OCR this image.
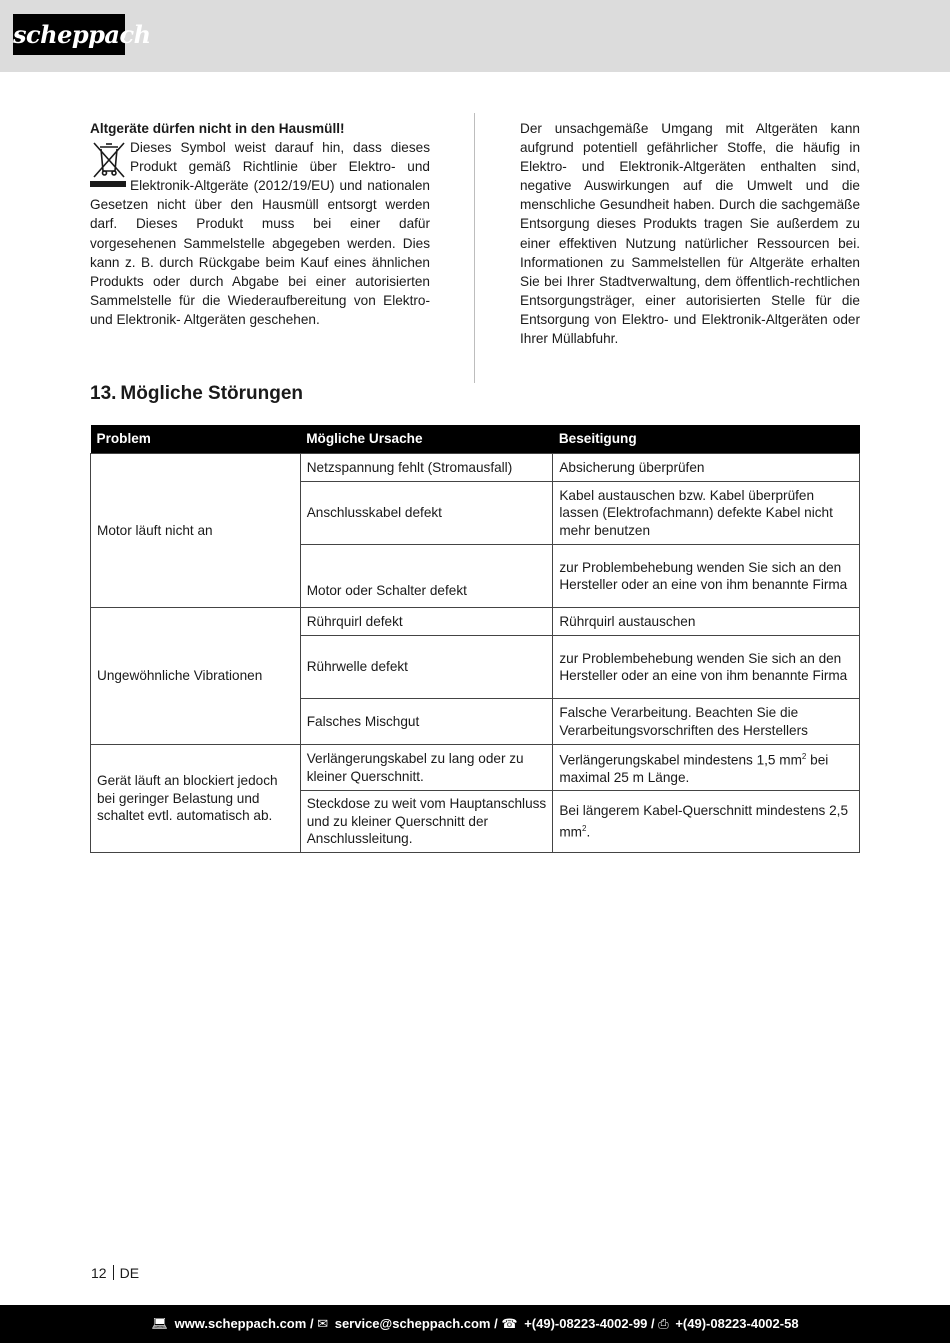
scheppach
Altgeräte dürfen nicht in den Hausmüll!
Dieses Symbol weist darauf hin, dass dieses Produkt gemäß Richtlinie über Elektro- und Elektronik-Altgeräte (2012/19/EU) und nationalen Gesetzen nicht über den Hausmüll entsorgt werden darf. Dieses Produkt muss bei einer dafür vorgesehenen Sammelstelle abgegeben werden. Dies kann z. B. durch Rückgabe beim Kauf eines ähnlichen Produkts oder durch Abgabe bei einer autorisierten Sammelstelle für die Wiederaufbereitung von Elektro- und Elektronik- Altgeräten geschehen.
Der unsachgemäße Umgang mit Altgeräten kann aufgrund potentiell gefährlicher Stoffe, die häufig in Elektro- und Elektronik-Altgeräten enthalten sind, negative Auswirkungen auf die Umwelt und die menschliche Gesundheit haben. Durch die sachgemäße Entsorgung dieses Produkts tragen Sie außerdem zu einer effektiven Nutzung natürlicher Ressourcen bei. Informationen zu Sammelstellen für Altgeräte erhalten Sie bei Ihrer Stadtverwaltung, dem öffentlich-rechtlichen Entsorgungsträger, einer autorisierten Stelle für die Entsorgung von Elektro- und Elektronik-Altgeräten oder Ihrer Müllabfuhr.
13. Mögliche Störungen
Problem	Mögliche Ursache	Beseitigung
Motor läuft nicht an	Netzspannung fehlt (Stromausfall)	Absicherung überprüfen
	Anschlusskabel defekt	Kabel austauschen bzw. Kabel überprüfen lassen (Elektrofachmann) defekte Kabel nicht mehr benutzen
	Motor oder Schalter defekt	zur Problembehebung wenden Sie sich an den Hersteller oder an eine von ihm benannte Firma
Ungewöhnliche Vibrationen	Rührquirl defekt	Rührquirl austauschen
	Rührwelle defekt	zur Problembehebung wenden Sie sich an den Hersteller oder an eine von ihm benannte Firma
	Falsches Mischgut	Falsche Verarbeitung. Beachten Sie die Verarbeitungsvorschriften des Herstellers
Gerät läuft an blockiert jedoch bei geringer Belastung und schaltet evtl. automatisch ab.	Verlängerungskabel zu lang oder zu kleiner Querschnitt.	Verlängerungskabel mindestens 1,5 $mm^2$ bei maximal 25 m Länge.
	Steckdose zu weit vom Hauptanschluss und zu kleiner Querschnitt der Anschlussleitung.	Bei längerem Kabel-Querschnitt mindestens 2,5 $mm^2$.
12 DE
💻︎ www.scheppach.com / ✉︎ service@scheppach.com / ☎︎ +(49)-08223-4002-99 / ⎙ +(49)-08223-4002-58
